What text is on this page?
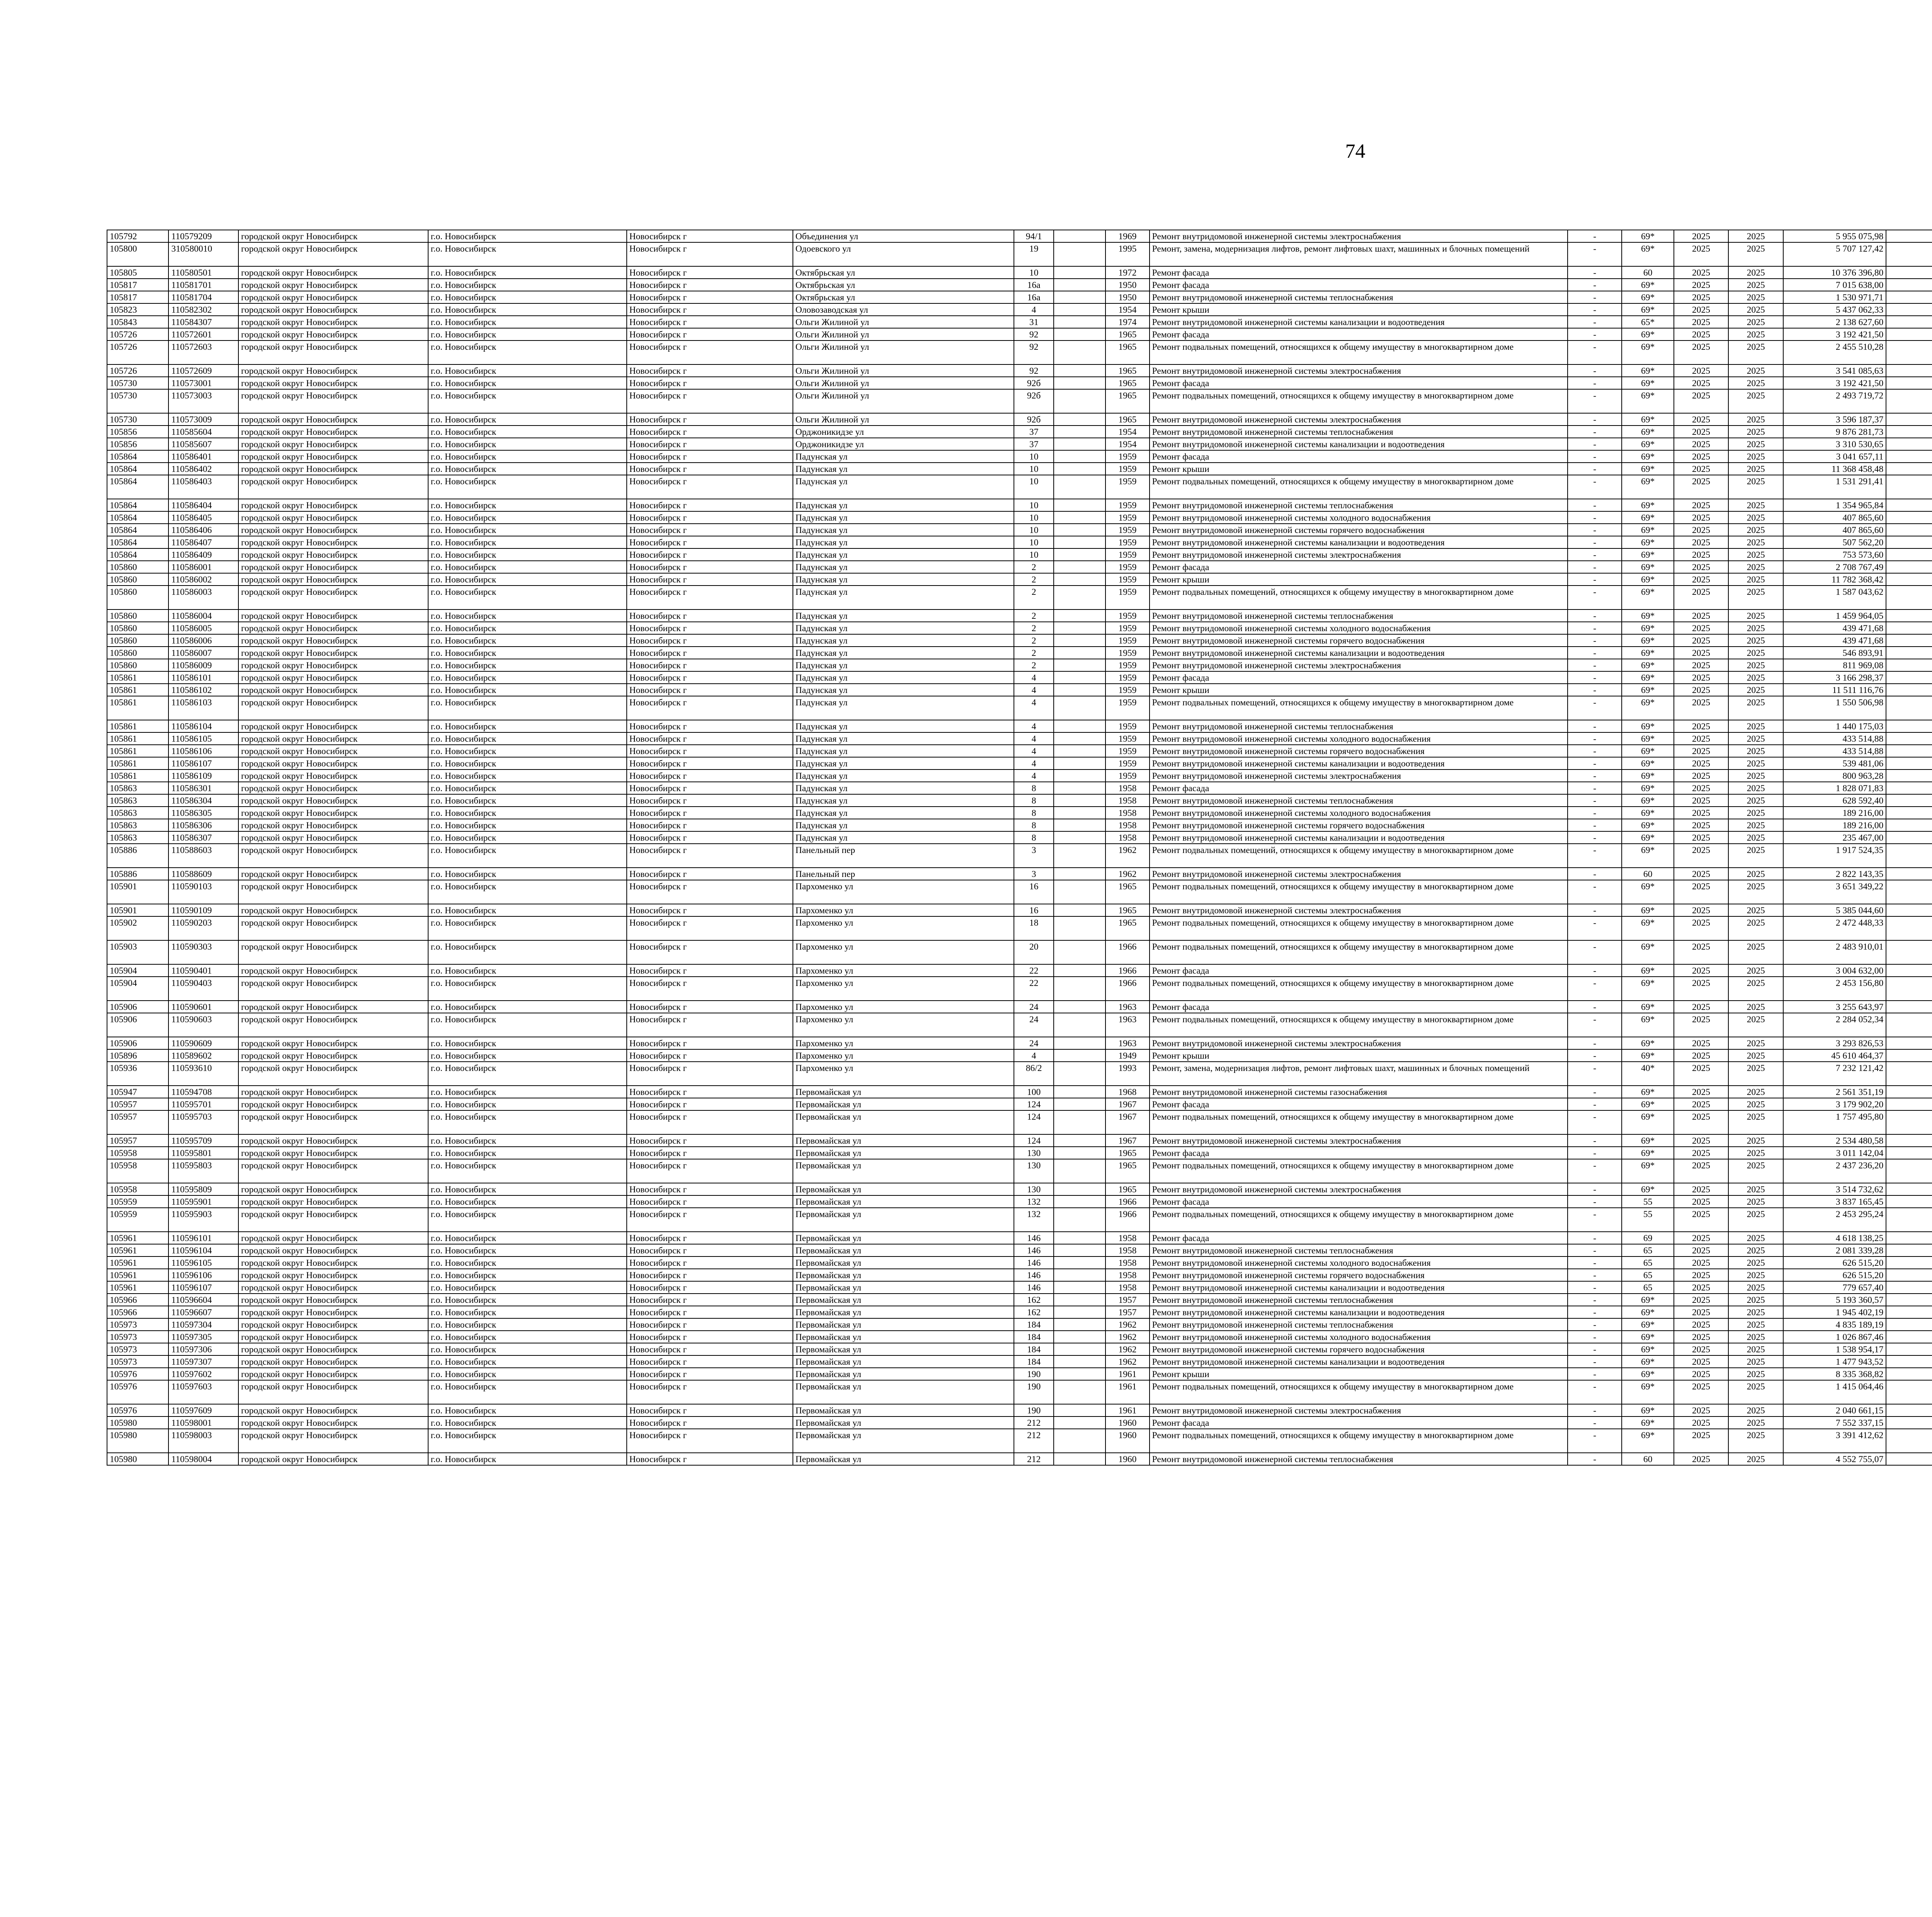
74
105792	110579209	городской округ Новосибирск	г.о. Новосибирск	Новосибирск г	Объединения ул	94/1		1969	Ремонт внутридомовой инженерной системы электроснабжения	-	69*	2025	2025	5 955 075,98							
105800	310580010	городской округ Новосибирск	г.о. Новосибирск	Новосибирск г	Одоевского ул	19		1995	Ремонт, замена, модернизация лифтов, ремонт лифтовых шахт, машинных и блочных помещений	-	69*	2025	2025	5 707 127,42							
105805	110580501	городской округ Новосибирск	г.о. Новосибирск	Новосибирск г	Октябрьская ул	10		1972	Ремонт фасада	-	60	2025	2025	10 376 396,80							
105817	110581701	городской округ Новосибирск	г.о. Новосибирск	Новосибирск г	Октябрьская ул	16а		1950	Ремонт фасада	-	69*	2025	2025	7 015 638,00							
105817	110581704	городской округ Новосибирск	г.о. Новосибирск	Новосибирск г	Октябрьская ул	16а		1950	Ремонт внутридомовой инженерной системы теплоснабжения	-	69*	2025	2025	1 530 971,71							
105823	110582302	городской округ Новосибирск	г.о. Новосибирск	Новосибирск г	Оловозаводская ул	4		1954	Ремонт крыши	-	69*	2025	2025	5 437 062,33							
105843	110584307	городской округ Новосибирск	г.о. Новосибирск	Новосибирск г	Ольги Жилиной ул	31		1974	Ремонт внутридомовой инженерной системы канализации и водоотведения	-	65*	2025	2025	2 138 627,60							
105726	110572601	городской округ Новосибирск	г.о. Новосибирск	Новосибирск г	Ольги Жилиной ул	92		1965	Ремонт фасада	-	69*	2025	2025	3 192 421,50							
105726	110572603	городской округ Новосибирск	г.о. Новосибирск	Новосибирск г	Ольги Жилиной ул	92		1965	Ремонт подвальных помещений, относящихся к общему имуществу в многоквартирном доме	-	69*	2025	2025	2 455 510,28							
105726	110572609	городской округ Новосибирск	г.о. Новосибирск	Новосибирск г	Ольги Жилиной ул	92		1965	Ремонт внутридомовой инженерной системы электроснабжения	-	69*	2025	2025	3 541 085,63							
105730	110573001	городской округ Новосибирск	г.о. Новосибирск	Новосибирск г	Ольги Жилиной ул	92б		1965	Ремонт фасада	-	69*	2025	2025	3 192 421,50							
105730	110573003	городской округ Новосибирск	г.о. Новосибирск	Новосибирск г	Ольги Жилиной ул	92б		1965	Ремонт подвальных помещений, относящихся к общему имуществу в многоквартирном доме	-	69*	2025	2025	2 493 719,72							
105730	110573009	городской округ Новосибирск	г.о. Новосибирск	Новосибирск г	Ольги Жилиной ул	92б		1965	Ремонт внутридомовой инженерной системы электроснабжения	-	69*	2025	2025	3 596 187,37							
105856	110585604	городской округ Новосибирск	г.о. Новосибирск	Новосибирск г	Орджоникидзе ул	37		1954	Ремонт внутридомовой инженерной системы теплоснабжения	-	69*	2025	2025	9 876 281,73							
105856	110585607	городской округ Новосибирск	г.о. Новосибирск	Новосибирск г	Орджоникидзе ул	37		1954	Ремонт внутридомовой инженерной системы канализации и водоотведения	-	69*	2025	2025	3 310 530,65							
105864	110586401	городской округ Новосибирск	г.о. Новосибирск	Новосибирск г	Падунская ул	10		1959	Ремонт фасада	-	69*	2025	2025	3 041 657,11							
105864	110586402	городской округ Новосибирск	г.о. Новосибирск	Новосибирск г	Падунская ул	10		1959	Ремонт крыши	-	69*	2025	2025	11 368 458,48							
105864	110586403	городской округ Новосибирск	г.о. Новосибирск	Новосибирск г	Падунская ул	10		1959	Ремонт подвальных помещений, относящихся к общему имуществу в многоквартирном доме	-	69*	2025	2025	1 531 291,41							
105864	110586404	городской округ Новосибирск	г.о. Новосибирск	Новосибирск г	Падунская ул	10		1959	Ремонт внутридомовой инженерной системы теплоснабжения	-	69*	2025	2025	1 354 965,84							
105864	110586405	городской округ Новосибирск	г.о. Новосибирск	Новосибирск г	Падунская ул	10		1959	Ремонт внутридомовой инженерной системы холодного водоснабжения	-	69*	2025	2025	407 865,60							
105864	110586406	городской округ Новосибирск	г.о. Новосибирск	Новосибирск г	Падунская ул	10		1959	Ремонт внутридомовой инженерной системы горячего водоснабжения	-	69*	2025	2025	407 865,60							
105864	110586407	городской округ Новосибирск	г.о. Новосибирск	Новосибирск г	Падунская ул	10		1959	Ремонт внутридомовой инженерной системы канализации и водоотведения	-	69*	2025	2025	507 562,20							
105864	110586409	городской округ Новосибирск	г.о. Новосибирск	Новосибирск г	Падунская ул	10		1959	Ремонт внутридомовой инженерной системы электроснабжения	-	69*	2025	2025	753 573,60							
105860	110586001	городской округ Новосибирск	г.о. Новосибирск	Новосибирск г	Падунская ул	2		1959	Ремонт фасада	-	69*	2025	2025	2 708 767,49							
105860	110586002	городской округ Новосибирск	г.о. Новосибирск	Новосибирск г	Падунская ул	2		1959	Ремонт крыши	-	69*	2025	2025	11 782 368,42							
105860	110586003	городской округ Новосибирск	г.о. Новосибирск	Новосибирск г	Падунская ул	2		1959	Ремонт подвальных помещений, относящихся к общему имуществу в многоквартирном доме	-	69*	2025	2025	1 587 043,62							
105860	110586004	городской округ Новосибирск	г.о. Новосибирск	Новосибирск г	Падунская ул	2		1959	Ремонт внутридомовой инженерной системы теплоснабжения	-	69*	2025	2025	1 459 964,05							
105860	110586005	городской округ Новосибирск	г.о. Новосибирск	Новосибирск г	Падунская ул	2		1959	Ремонт внутридомовой инженерной системы холодного водоснабжения	-	69*	2025	2025	439 471,68							
105860	110586006	городской округ Новосибирск	г.о. Новосибирск	Новосибирск г	Падунская ул	2		1959	Ремонт внутридомовой инженерной системы горячего водоснабжения	-	69*	2025	2025	439 471,68							
105860	110586007	городской округ Новосибирск	г.о. Новосибирск	Новосибирск г	Падунская ул	2		1959	Ремонт внутридомовой инженерной системы канализации и водоотведения	-	69*	2025	2025	546 893,91							
105860	110586009	городской округ Новосибирск	г.о. Новосибирск	Новосибирск г	Падунская ул	2		1959	Ремонт внутридомовой инженерной системы электроснабжения	-	69*	2025	2025	811 969,08							
105861	110586101	городской округ Новосибирск	г.о. Новосибирск	Новосибирск г	Падунская ул	4		1959	Ремонт фасада	-	69*	2025	2025	3 166 298,37							
105861	110586102	городской округ Новосибирск	г.о. Новосибирск	Новосибирск г	Падунская ул	4		1959	Ремонт крыши	-	69*	2025	2025	11 511 116,76							
105861	110586103	городской округ Новосибирск	г.о. Новосибирск	Новосибирск г	Падунская ул	4		1959	Ремонт подвальных помещений, относящихся к общему имуществу в многоквартирном доме	-	69*	2025	2025	1 550 506,98							
105861	110586104	городской округ Новосибирск	г.о. Новосибирск	Новосибирск г	Падунская ул	4		1959	Ремонт внутридомовой инженерной системы теплоснабжения	-	69*	2025	2025	1 440 175,03							
105861	110586105	городской округ Новосибирск	г.о. Новосибирск	Новосибирск г	Падунская ул	4		1959	Ремонт внутридомовой инженерной системы холодного водоснабжения	-	69*	2025	2025	433 514,88							
105861	110586106	городской округ Новосибирск	г.о. Новосибирск	Новосибирск г	Падунская ул	4		1959	Ремонт внутридомовой инженерной системы горячего водоснабжения	-	69*	2025	2025	433 514,88							
105861	110586107	городской округ Новосибирск	г.о. Новосибирск	Новосибирск г	Падунская ул	4		1959	Ремонт внутридомовой инженерной системы канализации и водоотведения	-	69*	2025	2025	539 481,06							
105861	110586109	городской округ Новосибирск	г.о. Новосибирск	Новосибирск г	Падунская ул	4		1959	Ремонт внутридомовой инженерной системы электроснабжения	-	69*	2025	2025	800 963,28							
105863	110586301	городской округ Новосибирск	г.о. Новосибирск	Новосибирск г	Падунская ул	8		1958	Ремонт фасада	-	69*	2025	2025	1 828 071,83							
105863	110586304	городской округ Новосибирск	г.о. Новосибирск	Новосибирск г	Падунская ул	8		1958	Ремонт внутридомовой инженерной системы теплоснабжения	-	69*	2025	2025	628 592,40							
105863	110586305	городской округ Новосибирск	г.о. Новосибирск	Новосибирск г	Падунская ул	8		1958	Ремонт внутридомовой инженерной системы холодного водоснабжения	-	69*	2025	2025	189 216,00							
105863	110586306	городской округ Новосибирск	г.о. Новосибирск	Новосибирск г	Падунская ул	8		1958	Ремонт внутридомовой инженерной системы горячего водоснабжения	-	69*	2025	2025	189 216,00							
105863	110586307	городской округ Новосибирск	г.о. Новосибирск	Новосибирск г	Падунская ул	8		1958	Ремонт внутридомовой инженерной системы канализации и водоотведения	-	69*	2025	2025	235 467,00							
105886	110588603	городской округ Новосибирск	г.о. Новосибирск	Новосибирск г	Панельный пер	3		1962	Ремонт подвальных помещений, относящихся к общему имуществу в многоквартирном доме	-	69*	2025	2025	1 917 524,35							
105886	110588609	городской округ Новосибирск	г.о. Новосибирск	Новосибирск г	Панельный пер	3		1962	Ремонт внутридомовой инженерной системы электроснабжения	-	60	2025	2025	2 822 143,35							
105901	110590103	городской округ Новосибирск	г.о. Новосибирск	Новосибирск г	Пархоменко ул	16		1965	Ремонт подвальных помещений, относящихся к общему имуществу в многоквартирном доме	-	69*	2025	2025	3 651 349,22							
105901	110590109	городской округ Новосибирск	г.о. Новосибирск	Новосибирск г	Пархоменко ул	16		1965	Ремонт внутридомовой инженерной системы электроснабжения	-	69*	2025	2025	5 385 044,60							
105902	110590203	городской округ Новосибирск	г.о. Новосибирск	Новосибирск г	Пархоменко ул	18		1965	Ремонт подвальных помещений, относящихся к общему имуществу в многоквартирном доме	-	69*	2025	2025	2 472 448,33							
105903	110590303	городской округ Новосибирск	г.о. Новосибирск	Новосибирск г	Пархоменко ул	20		1966	Ремонт подвальных помещений, относящихся к общему имуществу в многоквартирном доме	-	69*	2025	2025	2 483 910,01							
105904	110590401	городской округ Новосибирск	г.о. Новосибирск	Новосибирск г	Пархоменко ул	22		1966	Ремонт фасада	-	69*	2025	2025	3 004 632,00							
105904	110590403	городской округ Новосибирск	г.о. Новосибирск	Новосибирск г	Пархоменко ул	22		1966	Ремонт подвальных помещений, относящихся к общему имуществу в многоквартирном доме	-	69*	2025	2025	2 453 156,80							
105906	110590601	городской округ Новосибирск	г.о. Новосибирск	Новосибирск г	Пархоменко ул	24		1963	Ремонт фасада	-	69*	2025	2025	3 255 643,97							
105906	110590603	городской округ Новосибирск	г.о. Новосибирск	Новосибирск г	Пархоменко ул	24		1963	Ремонт подвальных помещений, относящихся к общему имуществу в многоквартирном доме	-	69*	2025	2025	2 284 052,34							
105906	110590609	городской округ Новосибирск	г.о. Новосибирск	Новосибирск г	Пархоменко ул	24		1963	Ремонт внутридомовой инженерной системы электроснабжения	-	69*	2025	2025	3 293 826,53							
105896	110589602	городской округ Новосибирск	г.о. Новосибирск	Новосибирск г	Пархоменко ул	4		1949	Ремонт крыши	-	69*	2025	2025	45 610 464,37							
105936	110593610	городской округ Новосибирск	г.о. Новосибирск	Новосибирск г	Пархоменко ул	86/2		1993	Ремонт, замена, модернизация лифтов, ремонт лифтовых шахт, машинных и блочных помещений	-	40*	2025	2025	7 232 121,42							
105947	110594708	городской округ Новосибирск	г.о. Новосибирск	Новосибирск г	Первомайская ул	100		1968	Ремонт внутридомовой инженерной системы газоснабжения	-	69*	2025	2025	2 561 351,19							
105957	110595701	городской округ Новосибирск	г.о. Новосибирск	Новосибирск г	Первомайская ул	124		1967	Ремонт фасада	-	69*	2025	2025	3 179 902,20							
105957	110595703	городской округ Новосибирск	г.о. Новосибирск	Новосибирск г	Первомайская ул	124		1967	Ремонт подвальных помещений, относящихся к общему имуществу в многоквартирном доме	-	69*	2025	2025	1 757 495,80							
105957	110595709	городской округ Новосибирск	г.о. Новосибирск	Новосибирск г	Первомайская ул	124		1967	Ремонт внутридомовой инженерной системы электроснабжения	-	69*	2025	2025	2 534 480,58							
105958	110595801	городской округ Новосибирск	г.о. Новосибирск	Новосибирск г	Первомайская ул	130		1965	Ремонт фасада	-	69*	2025	2025	3 011 142,04							
105958	110595803	городской округ Новосибирск	г.о. Новосибирск	Новосибирск г	Первомайская ул	130		1965	Ремонт подвальных помещений, относящихся к общему имуществу в многоквартирном доме	-	69*	2025	2025	2 437 236,20							
105958	110595809	городской округ Новосибирск	г.о. Новосибирск	Новосибирск г	Первомайская ул	130		1965	Ремонт внутридомовой инженерной системы электроснабжения	-	69*	2025	2025	3 514 732,62							
105959	110595901	городской округ Новосибирск	г.о. Новосибирск	Новосибирск г	Первомайская ул	132		1966	Ремонт фасада	-	55	2025	2025	3 837 165,45							
105959	110595903	городской округ Новосибирск	г.о. Новосибирск	Новосибирск г	Первомайская ул	132		1966	Ремонт подвальных помещений, относящихся к общему имуществу в многоквартирном доме	-	55	2025	2025	2 453 295,24							
105961	110596101	городской округ Новосибирск	г.о. Новосибирск	Новосибирск г	Первомайская ул	146		1958	Ремонт фасада	-	69	2025	2025	4 618 138,25							
105961	110596104	городской округ Новосибирск	г.о. Новосибирск	Новосибирск г	Первомайская ул	146		1958	Ремонт внутридомовой инженерной системы теплоснабжения	-	65	2025	2025	2 081 339,28							
105961	110596105	городской округ Новосибирск	г.о. Новосибирск	Новосибирск г	Первомайская ул	146		1958	Ремонт внутридомовой инженерной системы холодного водоснабжения	-	65	2025	2025	626 515,20							
105961	110596106	городской округ Новосибирск	г.о. Новосибирск	Новосибирск г	Первомайская ул	146		1958	Ремонт внутридомовой инженерной системы горячего водоснабжения	-	65	2025	2025	626 515,20							
105961	110596107	городской округ Новосибирск	г.о. Новосибирск	Новосибирск г	Первомайская ул	146		1958	Ремонт внутридомовой инженерной системы канализации и водоотведения	-	65	2025	2025	779 657,40							
105966	110596604	городской округ Новосибирск	г.о. Новосибирск	Новосибирск г	Первомайская ул	162		1957	Ремонт внутридомовой инженерной системы теплоснабжения	-	69*	2025	2025	5 193 360,57							
105966	110596607	городской округ Новосибирск	г.о. Новосибирск	Новосибирск г	Первомайская ул	162		1957	Ремонт внутридомовой инженерной системы канализации и водоотведения	-	69*	2025	2025	1 945 402,19							
105973	110597304	городской округ Новосибирск	г.о. Новосибирск	Новосибирск г	Первомайская ул	184		1962	Ремонт внутридомовой инженерной системы теплоснабжения	-	69*	2025	2025	4 835 189,19							
105973	110597305	городской округ Новосибирск	г.о. Новосибирск	Новосибирск г	Первомайская ул	184		1962	Ремонт внутридомовой инженерной системы холодного водоснабжения	-	69*	2025	2025	1 026 867,46							
105973	110597306	городской округ Новосибирск	г.о. Новосибирск	Новосибирск г	Первомайская ул	184		1962	Ремонт внутридомовой инженерной системы горячего водоснабжения	-	69*	2025	2025	1 538 954,17							
105973	110597307	городской округ Новосибирск	г.о. Новосибирск	Новосибирск г	Первомайская ул	184		1962	Ремонт внутридомовой инженерной системы канализации и водоотведения	-	69*	2025	2025	1 477 943,52							
105976	110597602	городской округ Новосибирск	г.о. Новосибирск	Новосибирск г	Первомайская ул	190		1961	Ремонт крыши	-	69*	2025	2025	8 335 368,82							
105976	110597603	городской округ Новосибирск	г.о. Новосибирск	Новосибирск г	Первомайская ул	190		1961	Ремонт подвальных помещений, относящихся к общему имуществу в многоквартирном доме	-	69*	2025	2025	1 415 064,46							
105976	110597609	городской округ Новосибирск	г.о. Новосибирск	Новосибирск г	Первомайская ул	190		1961	Ремонт внутридомовой инженерной системы электроснабжения	-	69*	2025	2025	2 040 661,15							
105980	110598001	городской округ Новосибирск	г.о. Новосибирск	Новосибирск г	Первомайская ул	212		1960	Ремонт фасада	-	69*	2025	2025	7 552 337,15							
105980	110598003	городской округ Новосибирск	г.о. Новосибирск	Новосибирск г	Первомайская ул	212		1960	Ремонт подвальных помещений, относящихся к общему имуществу в многоквартирном доме	-	69*	2025	2025	3 391 412,62							
105980	110598004	городской округ Новосибирск	г.о. Новосибирск	Новосибирск г	Первомайская ул	212		1960	Ремонт внутридомовой инженерной системы теплоснабжения	-	60	2025	2025	4 552 755,07							
